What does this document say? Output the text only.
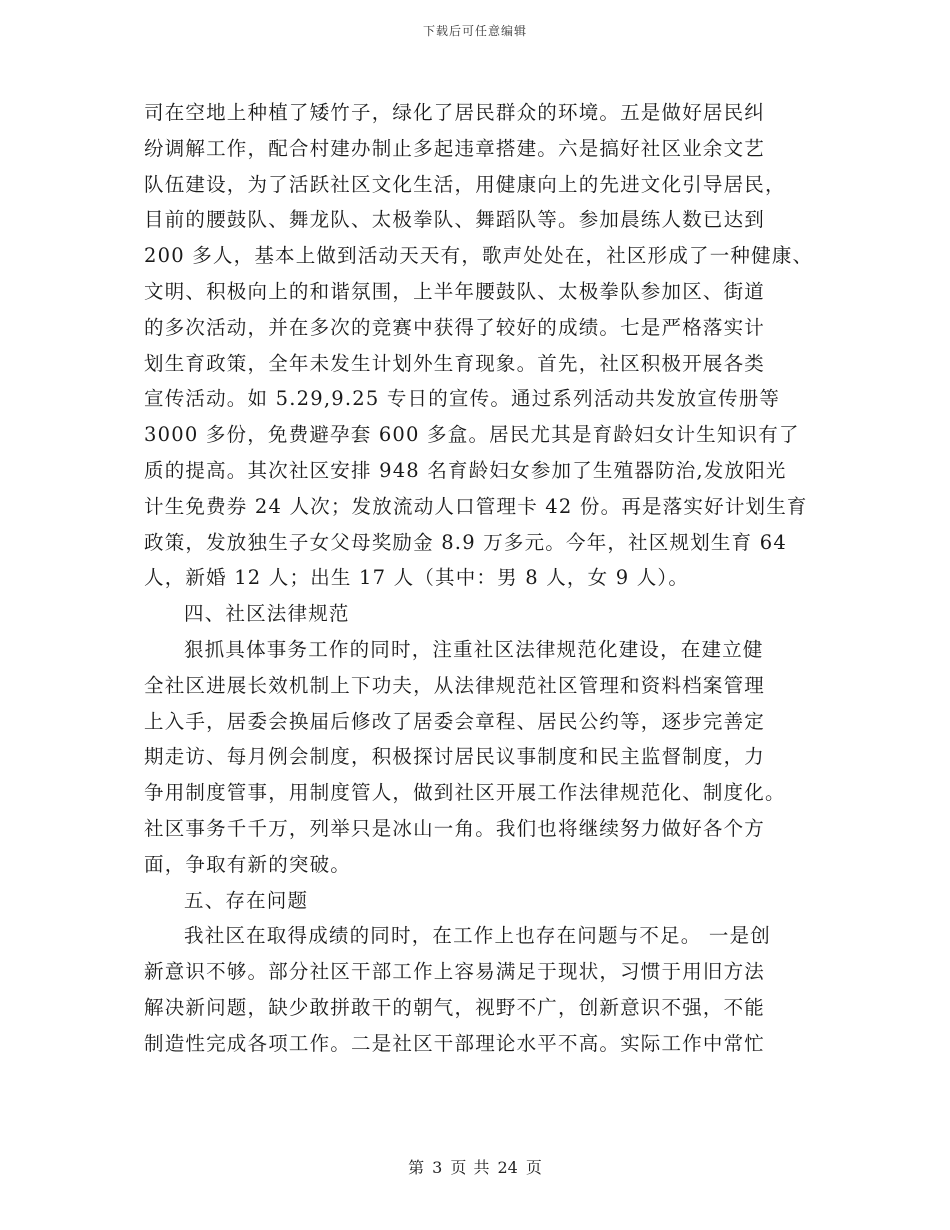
下载后可任意编辑
司在空地上种植了矮竹子，绿化了居民群众的环境。五是做好居民纠
纷调解工作，配合村建办制止多起违章搭建。六是搞好社区业余文艺
队伍建设，为了活跃社区文化生活，用健康向上的先进文化引导居民，
目前的腰鼓队、舞龙队、太极拳队、舞蹈队等。参加晨练人数已达到
200 多人，基本上做到活动天天有，歌声处处在，社区形成了一种健康、
文明、积极向上的和谐氛围，上半年腰鼓队、太极拳队参加区、街道
的多次活动，并在多次的竞赛中获得了较好的成绩。七是严格落实计
划生育政策，全年未发生计划外生育现象。首先，社区积极开展各类
宣传活动。如 5.29,9.25 专日的宣传。通过系列活动共发放宣传册等
3000 多份，免费避孕套 600 多盒。居民尤其是育龄妇女计生知识有了
质的提高。其次社区安排 948 名育龄妇女参加了生殖器防治,发放阳光
计生免费券 24 人次；发放流动人口管理卡 42 份。再是落实好计划生育
政策，发放独生子女父母奖励金 8.9 万多元。今年，社区规划生育 64
人，新婚 12 人；出生 17 人（其中：男 8 人，女 9 人）。
四、社区法律规范
狠抓具体事务工作的同时，注重社区法律规范化建设，在建立健
全社区进展长效机制上下功夫，从法律规范社区管理和资料档案管理
上入手，居委会换届后修改了居委会章程、居民公约等，逐步完善定
期走访、每月例会制度，积极探讨居民议事制度和民主监督制度，力
争用制度管事，用制度管人，做到社区开展工作法律规范化、制度化。
社区事务千千万，列举只是冰山一角。我们也将继续努力做好各个方
面，争取有新的突破。
五、存在问题
我社区在取得成绩的同时，在工作上也存在问题与不足。 一是创
新意识不够。部分社区干部工作上容易满足于现状，习惯于用旧方法
解决新问题，缺少敢拼敢干的朝气，视野不广，创新意识不强，不能
制造性完成各项工作。二是社区干部理论水平不高。实际工作中常忙
第 3 页 共 24 页
